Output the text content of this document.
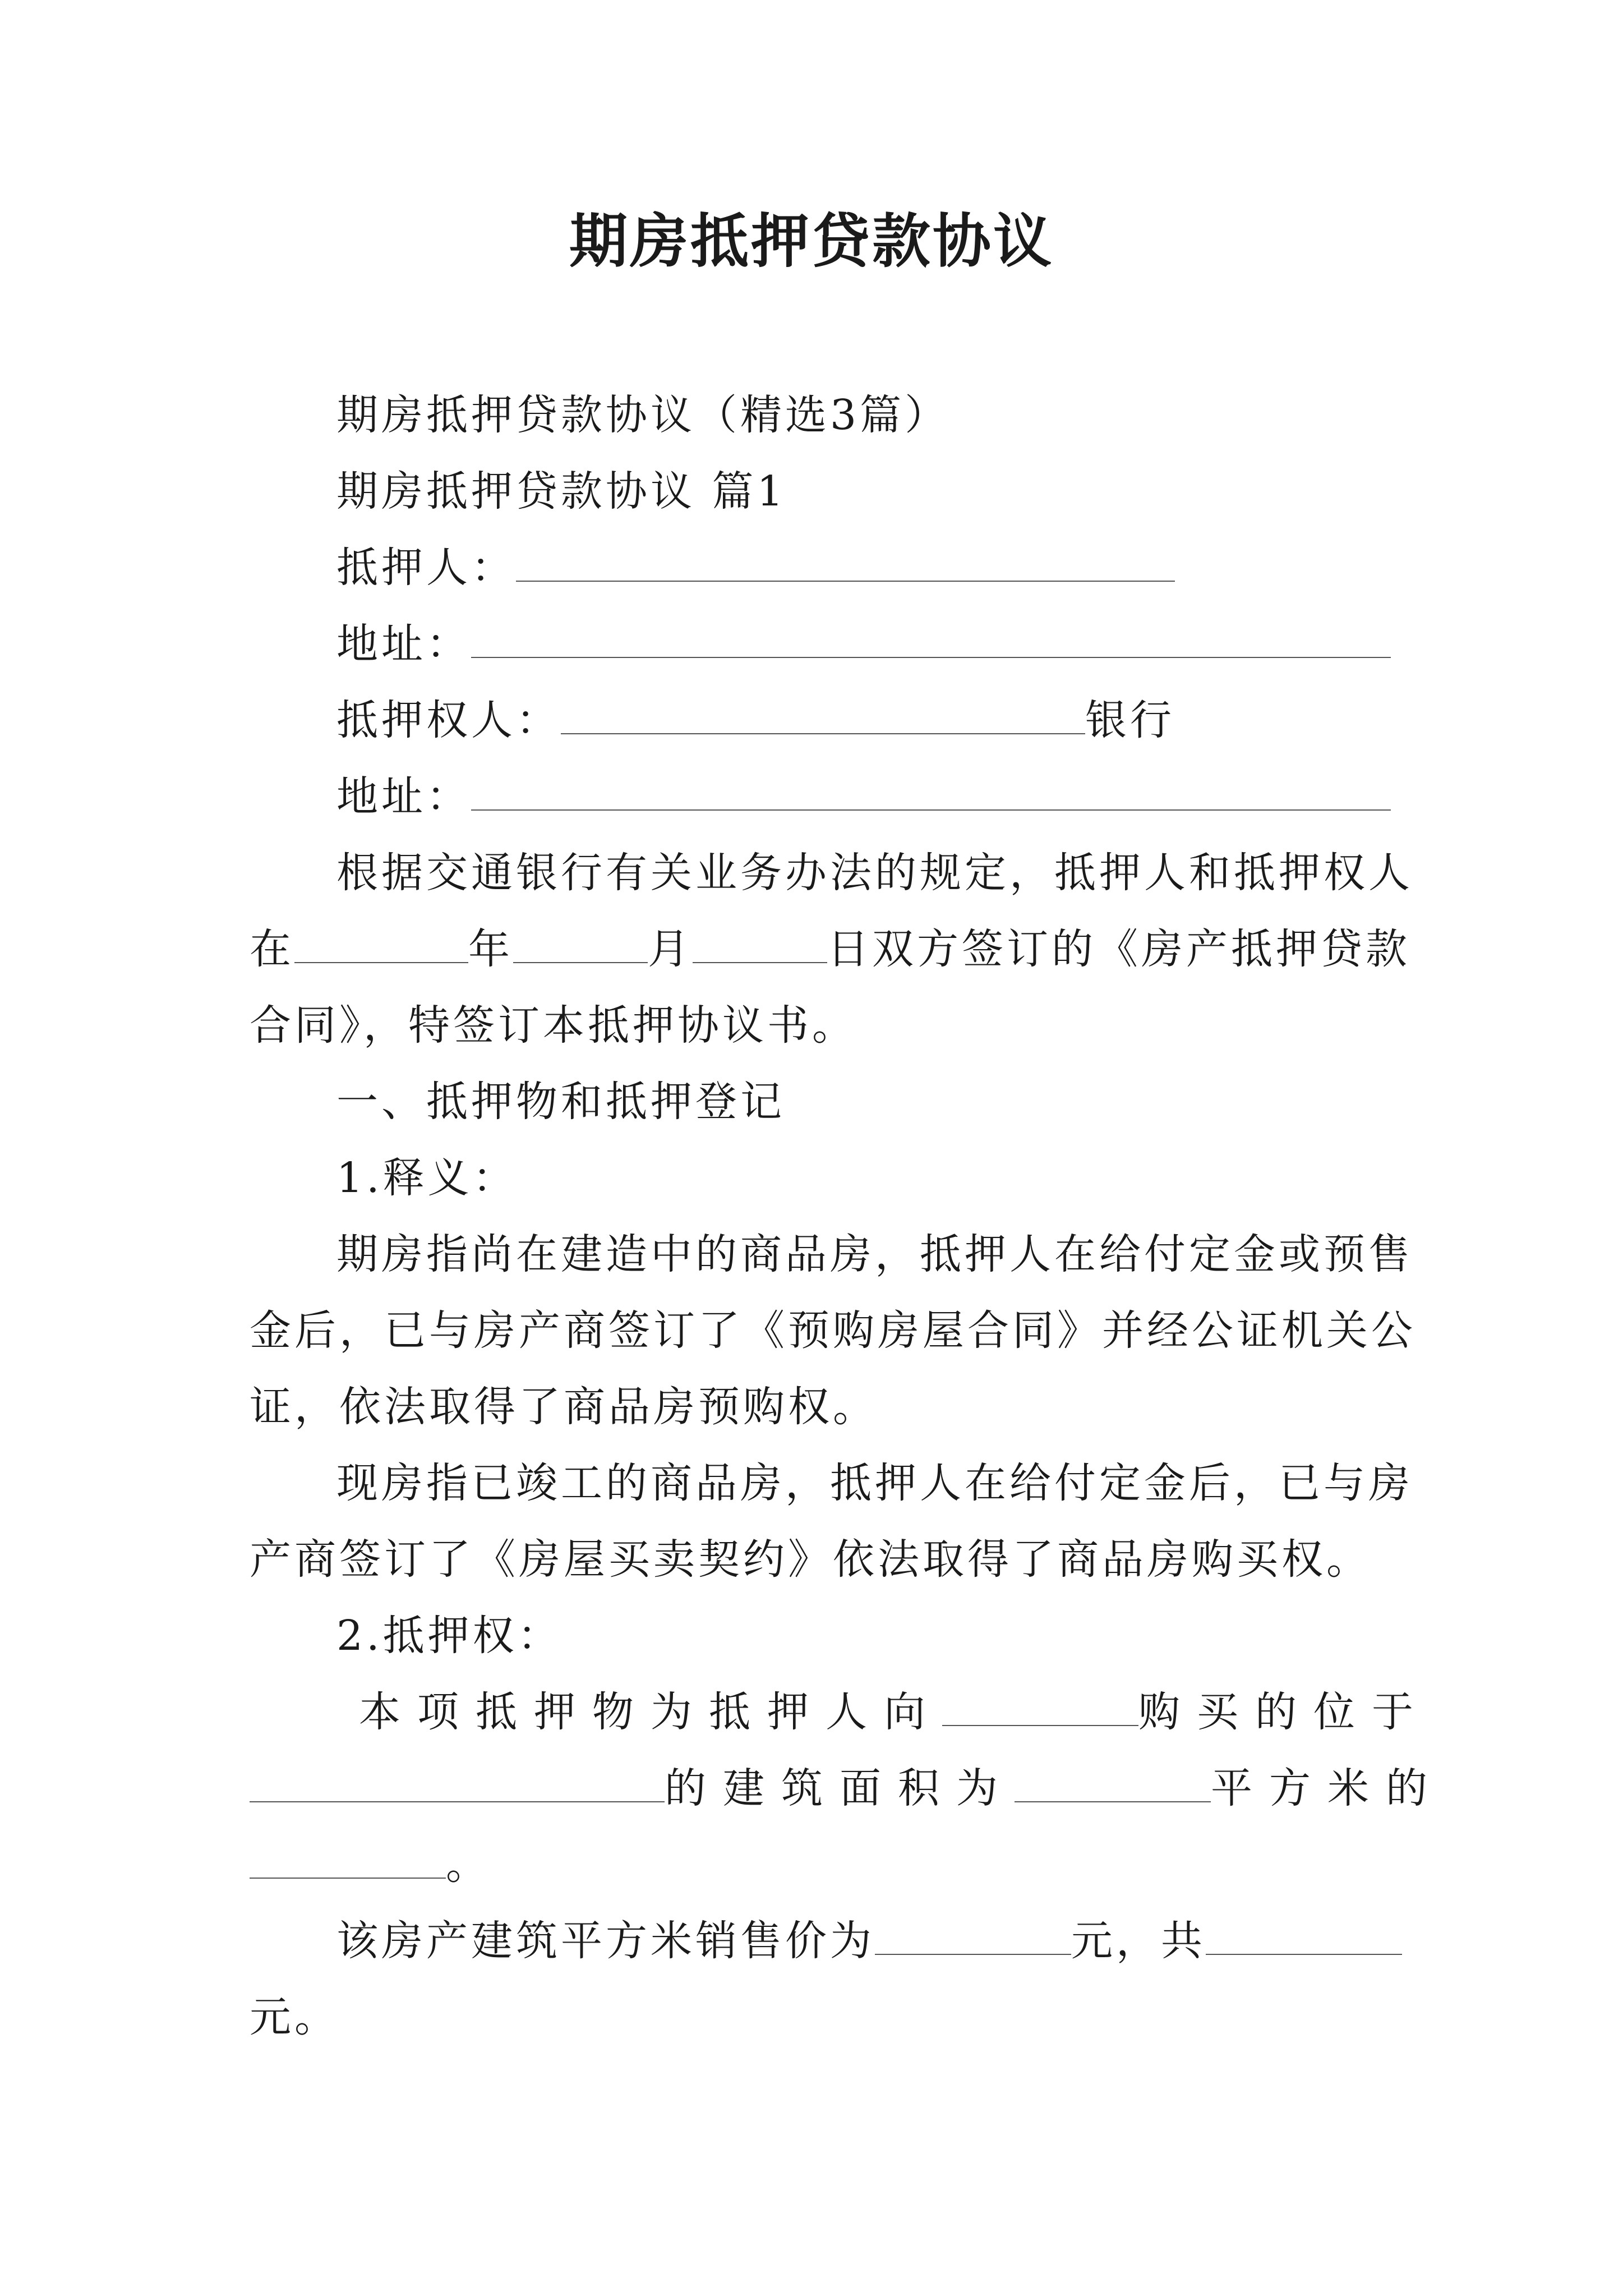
期房抵押贷款协议
期房抵押贷款协议（精选3篇）
期房抵押贷款协议 篇1
抵押人：
地址：
抵押权人：	银行
地址：
根据交通银行有关业务办法的规定，抵押人和抵押权人
在	年	月	日双方签订的《房产抵押贷款
合同》，特签订本抵押协议书。
一、抵押物和抵押登记
1.释义：
期房指尚在建造中的商品房，抵押人在给付定金或预售
金后，已与房产商签订了《预购房屋合同》并经公证机关公
证，依法取得了商品房预购权。
现房指已竣工的商品房，抵押人在给付定金后，已与房
产商签订了《房屋买卖契约》依法取得了商品房购买权。
2.抵押权：
本项抵押物为抵押人向	购买的位于
的建筑面积为	平方米的
。
该房产建筑平方米销售价为	元，共
元。
